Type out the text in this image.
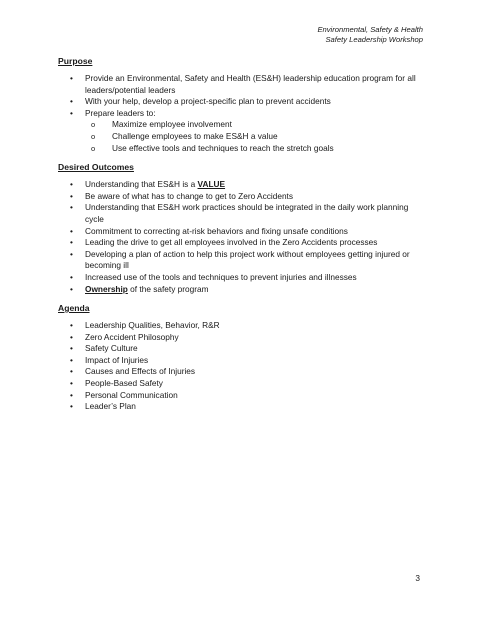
Environmental, Safety & Health
Safety Leadership Workshop
Purpose
• Provide an Environmental, Safety and Health (ES&H) leadership education program for all leaders/potential leaders
• With your help, develop a project-specific plan to prevent accidents
• Prepare leaders to:
o Maximize employee involvement
o Challenge employees to make ES&H a value
o Use effective tools and techniques to reach the stretch goals
Desired Outcomes
• Understanding that ES&H is a VALUE
• Be aware of what has to change to get to Zero Accidents
• Understanding that ES&H work practices should be integrated in the daily work planning cycle
• Commitment to correcting at-risk behaviors and fixing unsafe conditions
• Leading the drive to get all employees involved in the Zero Accidents processes
• Developing a plan of action to help this project work without employees getting injured or becoming ill
• Increased use of the tools and techniques to prevent injuries and illnesses
• Ownership of the safety program
Agenda
• Leadership Qualities, Behavior, R&R
• Zero Accident Philosophy
• Safety Culture
• Impact of Injuries
• Causes and Effects of Injuries
• People-Based Safety
• Personal Communication
• Leader’s Plan
3
